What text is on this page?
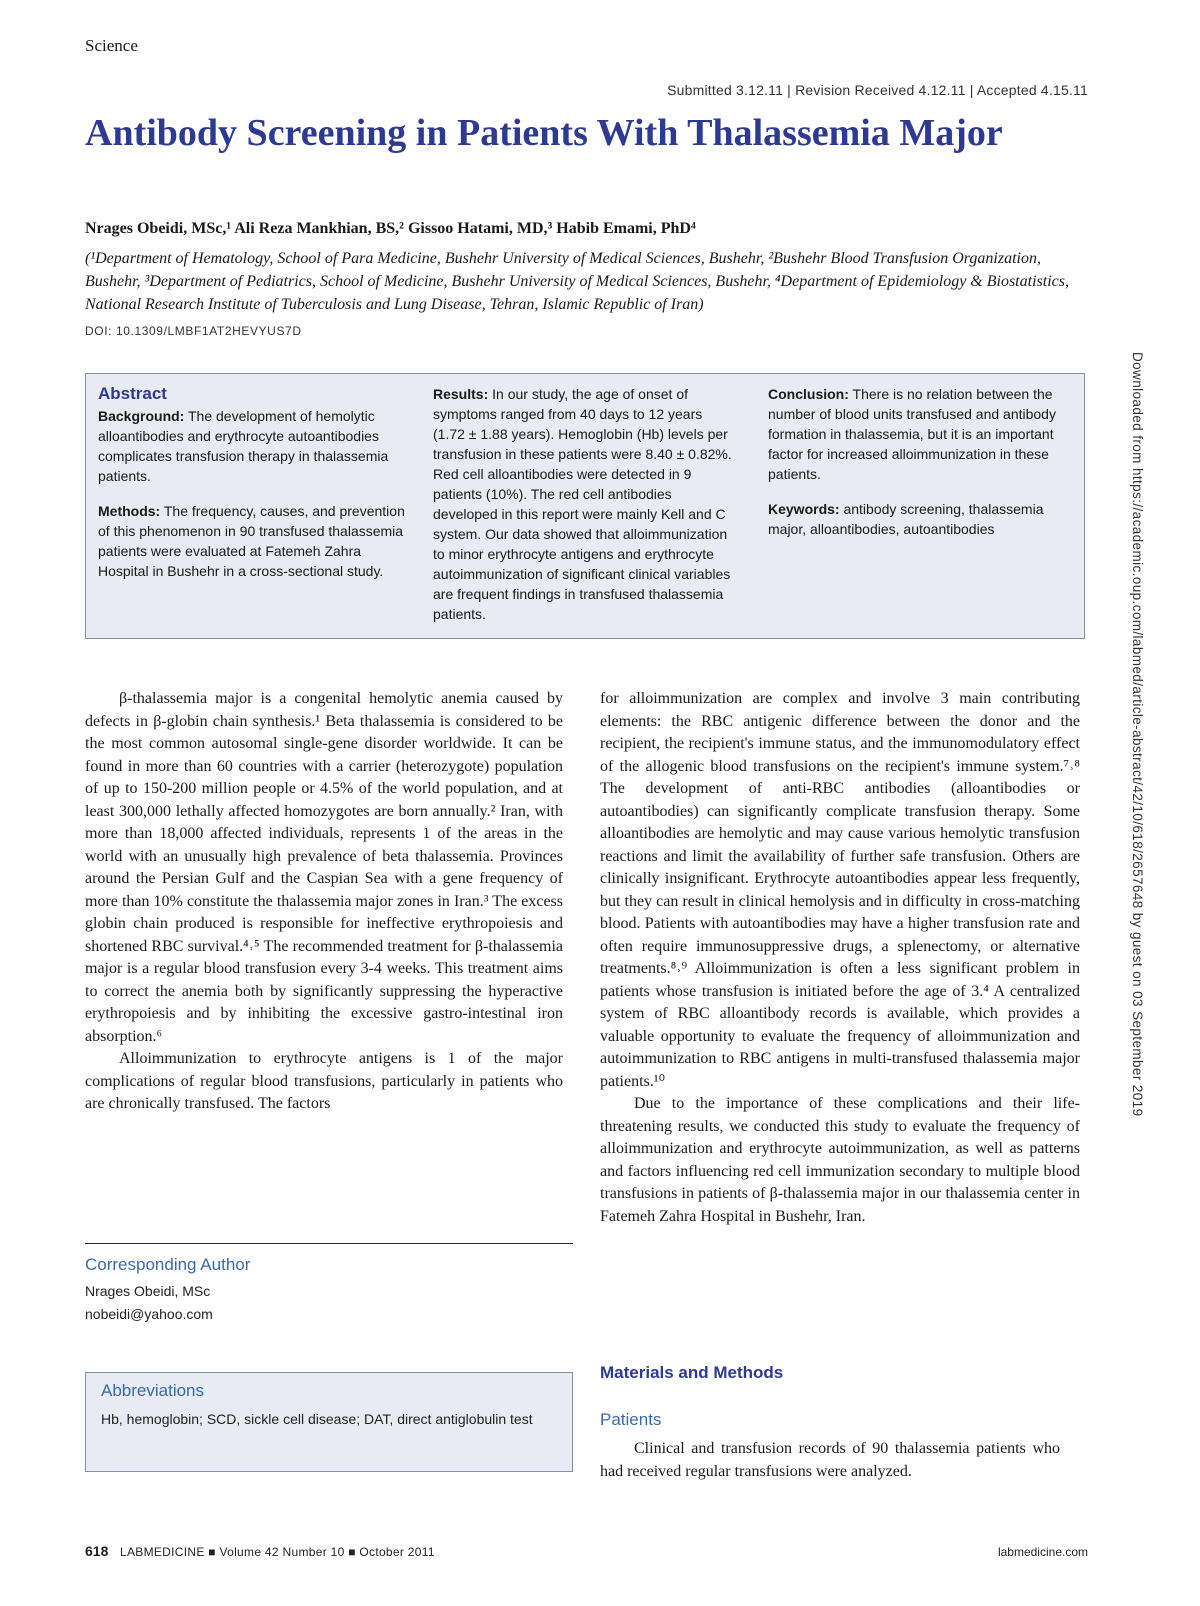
Science
Submitted 3.12.11 | Revision Received 4.12.11 | Accepted 4.15.11
Antibody Screening in Patients With Thalassemia Major
Nrages Obeidi, MSc,¹ Ali Reza Mankhian, BS,² Gissoo Hatami, MD,³ Habib Emami, PhD⁴
(¹Department of Hematology, School of Para Medicine, Bushehr University of Medical Sciences, Bushehr, ²Bushehr Blood Transfusion Organization, Bushehr, ³Department of Pediatrics, School of Medicine, Bushehr University of Medical Sciences, Bushehr, ⁴Department of Epidemiology & Biostatistics, National Research Institute of Tuberculosis and Lung Disease, Tehran, Islamic Republic of Iran)
DOI: 10.1309/LMBF1AT2HEVYUS7D
Abstract

Background: The development of hemolytic alloantibodies and erythrocyte autoantibodies complicates transfusion therapy in thalassemia patients.

Methods: The frequency, causes, and prevention of this phenomenon in 90 transfused thalassemia patients were evaluated at Fatemeh Zahra Hospital in Bushehr in a cross-sectional study.

Results: In our study, the age of onset of symptoms ranged from 40 days to 12 years (1.72 ± 1.88 years). Hemoglobin (Hb) levels per transfusion in these patients were 8.40 ± 0.82%. Red cell alloantibodies were detected in 9 patients (10%). The red cell antibodies developed in this report were mainly Kell and C system. Our data showed that alloimmunization to minor erythrocyte antigens and erythrocyte autoimmunization of significant clinical variables are frequent findings in transfused thalassemia patients.

Conclusion: There is no relation between the number of blood units transfused and antibody formation in thalassemia, but it is an important factor for increased alloimmunization in these patients.

Keywords: antibody screening, thalassemia major, alloantibodies, autoantibodies

β-thalassemia major is a congenital hemolytic anemia caused by defects in β-globin chain synthesis.¹ Beta thalassemia is considered to be the most common autosomal single-gene disorder worldwide. It can be found in more than 60 countries with a carrier (heterozygote) population of up to 150-200 million people or 4.5% of the world population, and at least 300,000 lethally affected homozygotes are born annually.² Iran, with more than 18,000 affected individuals, represents 1 of the areas in the world with an unusually high prevalence of beta thalassemia. Provinces around the Persian Gulf and the Caspian Sea with a gene frequency of more than 10% constitute the thalassemia major zones in Iran.³ The excess globin chain produced is responsible for ineffective erythropoiesis and shortened RBC survival.⁴˒⁵ The recommended treatment for β-thalassemia major is a regular blood transfusion every 3-4 weeks. This treatment aims to correct the anemia both by significantly suppressing the hyperactive erythropoiesis and by inhibiting the excessive gastro-intestinal iron absorption.⁶

Alloimmunization to erythrocyte antigens is 1 of the major complications of regular blood transfusions, particularly in patients who are chronically transfused. The factors

for alloimmunization are complex and involve 3 main contributing elements: the RBC antigenic difference between the donor and the recipient, the recipient's immune status, and the immunomodulatory effect of the allogenic blood transfusions on the recipient's immune system.⁷˒⁸ The development of anti-RBC antibodies (alloantibodies or autoantibodies) can significantly complicate transfusion therapy. Some alloantibodies are hemolytic and may cause various hemolytic transfusion reactions and limit the availability of further safe transfusion. Others are clinically insignificant. Erythrocyte autoantibodies appear less frequently, but they can result in clinical hemolysis and in difficulty in cross-matching blood. Patients with autoantibodies may have a higher transfusion rate and often require immunosuppressive drugs, a splenectomy, or alternative treatments.⁸˒⁹ Alloimmunization is often a less significant problem in patients whose transfusion is initiated before the age of 3.⁴ A centralized system of RBC alloantibody records is available, which provides a valuable opportunity to evaluate the frequency of alloimmunization and autoimmunization to RBC antigens in multi-transfused thalassemia major patients.¹⁰

Due to the importance of these complications and their life-threatening results, we conducted this study to evaluate the frequency of alloimmunization and erythrocyte autoimmunization, as well as patterns and factors influencing red cell immunization secondary to multiple blood transfusions in patients of β-thalassemia major in our thalassemia center in Fatemeh Zahra Hospital in Bushehr, Iran.

Corresponding Author
Nrages Obeidi, MSc
nobeidi@yahoo.com
Abbreviations
Hb, hemoglobin; SCD, sickle cell disease; DAT, direct antiglobulin test
Materials and Methods
Patients

Clinical and transfusion records of 90 thalassemia patients who had received regular transfusions were analyzed.

618 LABMEDICINE ■ Volume 42 Number 10 ■ October 2011	labmedicine.com
Downloaded from https://academic.oup.com/labmed/article-abstract/42/10/618/2657648 by guest on 03 September 2019
